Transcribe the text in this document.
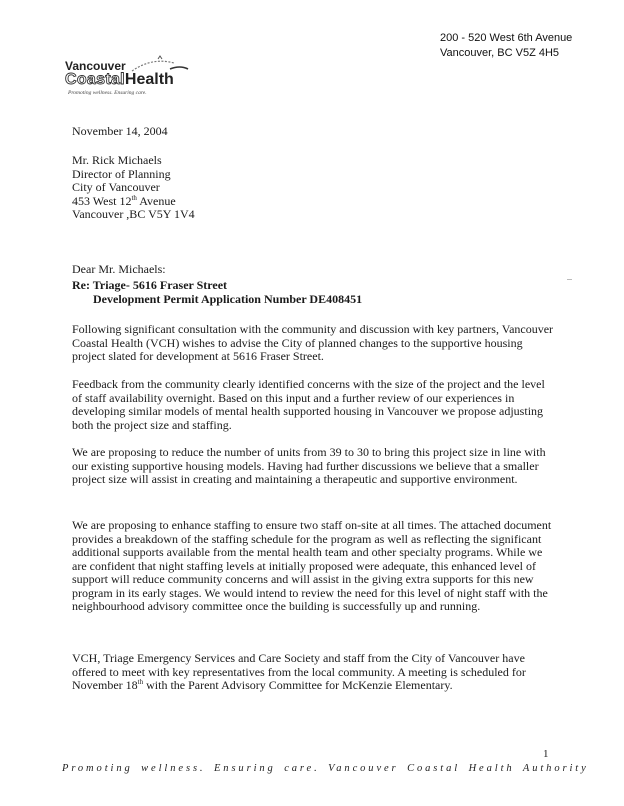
200 - 520 West 6th Avenue
Vancouver, BC V5Z 4H5
Vancouver
CoastalHealth
Promoting wellness. Ensuring care.
November 14, 2004
Mr. Rick Michaels
Director of Planning
City of Vancouver
453 West 12th Avenue
Vancouver ,BC V5Y 1V4
Dear Mr. Michaels:
Re: Triage- 5616 Fraser Street
Development Permit Application Number DE408451
Following significant consultation with the community and discussion with key partners, Vancouver Coastal Health (VCH) wishes to advise the City of planned changes to the supportive housing project slated for development at 5616 Fraser Street.
Feedback from the community clearly identified concerns with the size of the project and the level of staff availability overnight. Based on this input and a further review of our experiences in developing similar models of mental health supported housing in Vancouver we propose adjusting both the project size and staffing.
We are proposing to reduce the number of units from 39 to 30 to bring this project size in line with our existing supportive housing models. Having had further discussions we believe that a smaller project size will assist in creating and maintaining a therapeutic and supportive environment.
We are proposing to enhance staffing to ensure two staff on-site at all times. The attached document provides a breakdown of the staffing schedule for the program as well as reflecting the significant additional supports available from the mental health team and other specialty programs. While we are confident that night staffing levels at initially proposed were adequate, this enhanced level of support will reduce community concerns and will assist in the giving extra supports for this new program in its early stages. We would intend to review the need for this level of night staff with the neighbourhood advisory committee once the building is successfully up and running.
VCH, Triage Emergency Services and Care Society and staff from the City of Vancouver have offered to meet with key representatives from the local community. A meeting is scheduled for November 18th with the Parent Advisory Committee for McKenzie Elementary.
1
Promoting wellness. Ensuring care. Vancouver Coastal Health Authority
